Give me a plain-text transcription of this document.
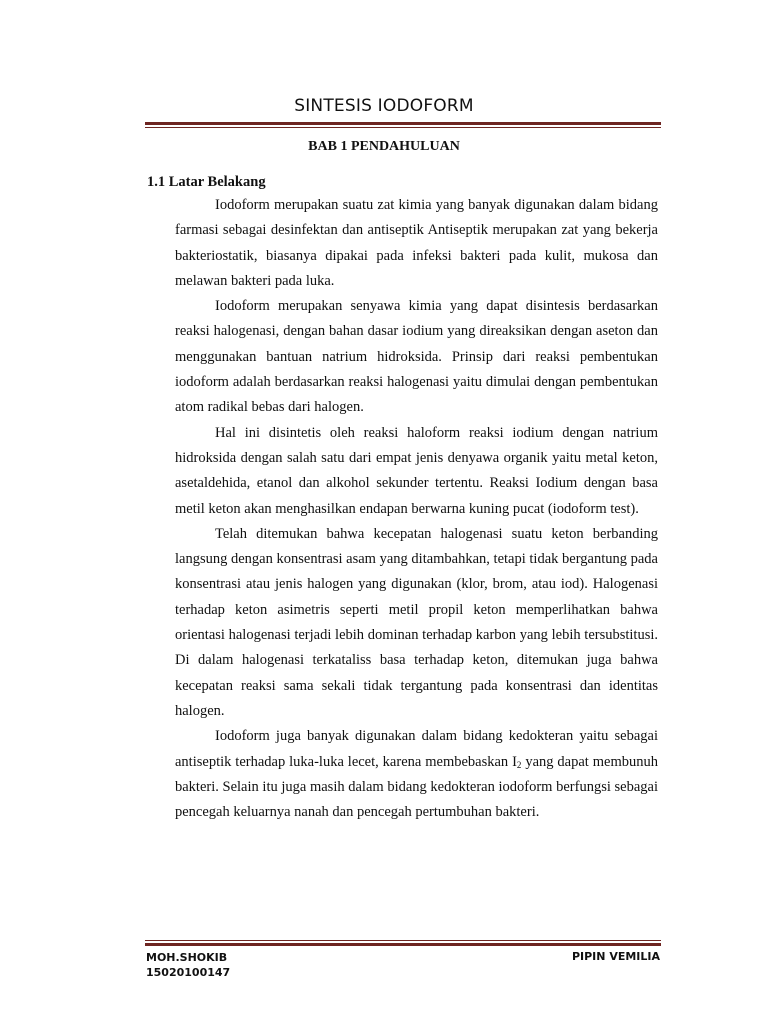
SINTESIS IODOFORM
BAB 1 PENDAHULUAN
1.1 Latar Belakang

Iodoform merupakan suatu zat kimia yang banyak digunakan dalam bidang farmasi sebagai desinfektan dan antiseptik Antiseptik merupakan zat yang bekerja bakteriostatik, biasanya dipakai pada infeksi bakteri pada kulit, mukosa dan melawan bakteri pada luka.

Iodoform merupakan senyawa kimia yang dapat disintesis berdasarkan reaksi halogenasi, dengan bahan dasar iodium yang direaksikan dengan aseton dan menggunakan bantuan natrium hidroksida. Prinsip dari reaksi pembentukan iodoform adalah berdasarkan reaksi halogenasi yaitu dimulai dengan pembentukan atom radikal bebas dari halogen.

Hal ini disintetis oleh reaksi haloform reaksi iodium dengan natrium hidroksida dengan salah satu dari empat jenis denyawa organik yaitu metal keton, asetaldehida, etanol dan alkohol sekunder tertentu. Reaksi Iodium dengan basa metil keton akan menghasilkan endapan berwarna kuning pucat (iodoform test).

Telah ditemukan bahwa kecepatan halogenasi suatu keton berbanding langsung dengan konsentrasi asam yang ditambahkan, tetapi tidak bergantung pada konsentrasi atau jenis halogen yang digunakan (klor, brom, atau iod). Halogenasi terhadap keton asimetris seperti metil propil keton memperlihatkan bahwa orientasi halogenasi terjadi lebih dominan terhadap karbon yang lebih tersubstitusi. Di dalam halogenasi terkataliss basa terhadap keton, ditemukan juga bahwa kecepatan reaksi sama sekali tidak tergantung pada konsentrasi dan identitas halogen.

Iodoform juga banyak digunakan dalam bidang kedokteran yaitu sebagai antiseptik terhadap luka-luka lecet, karena membebaskan $I_2$ yang dapat membunuh bakteri. Selain itu juga masih dalam bidang kedokteran iodoform berfungsi sebagai pencegah keluarnya nanah dan pencegah pertumbuhan bakteri.

MOH.SHOKIB
15020100147
PIPIN VEMILIA
